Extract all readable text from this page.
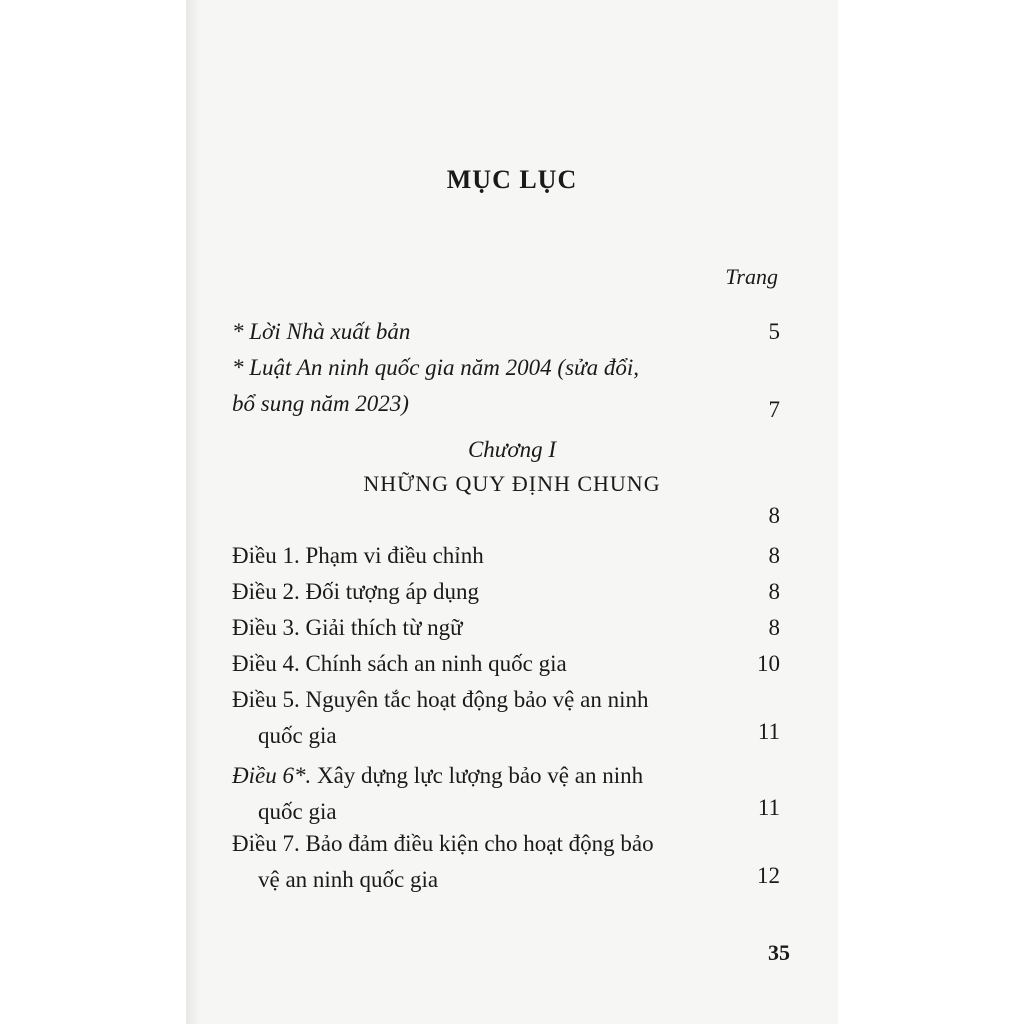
MỤC LỤC
Trang
* Lời Nhà xuất bản	5
* Luật An ninh quốc gia năm 2004 (sửa đổi,
bổ sung năm 2023)	7
Chương I
NHỮNG QUY ĐỊNH CHUNG
8
Điều 1. Phạm vi điều chỉnh	8
Điều 2. Đối tượng áp dụng	8
Điều 3. Giải thích từ ngữ	8
Điều 4. Chính sách an ninh quốc gia	10
Điều 5. Nguyên tắc hoạt động bảo vệ an ninh
quốc gia	11
Điều 6*. Xây dựng lực lượng bảo vệ an ninh
quốc gia	11
Điều 7. Bảo đảm điều kiện cho hoạt động bảo
vệ an ninh quốc gia	12
35
